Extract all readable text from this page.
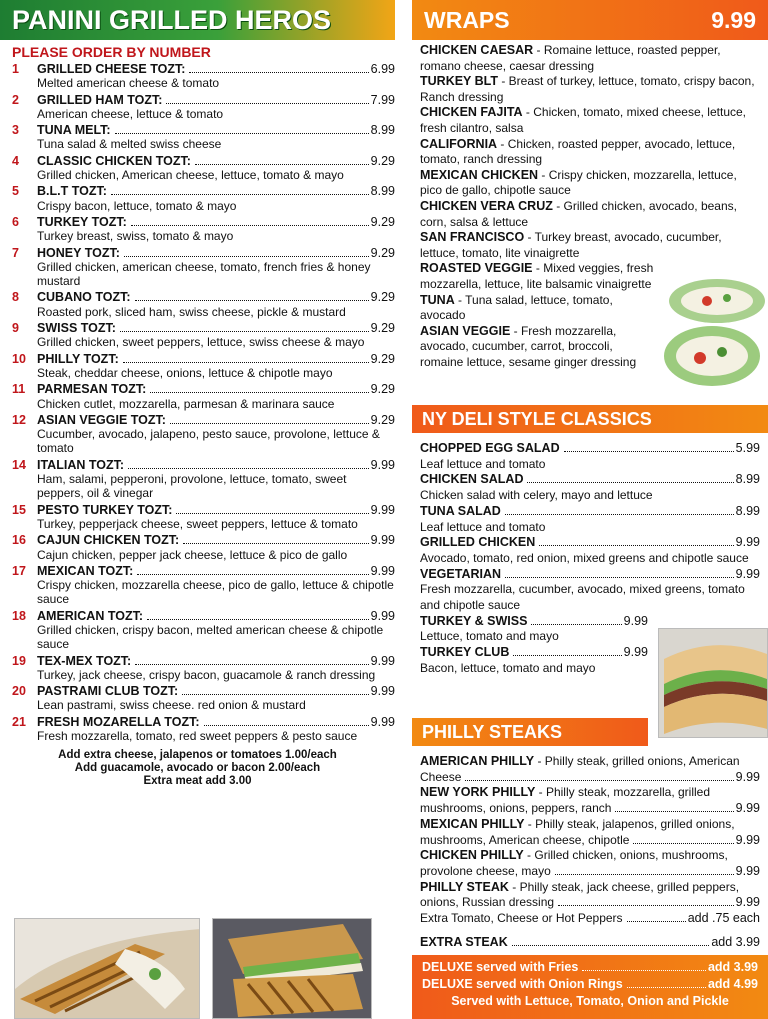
PANINI GRILLED HEROS
PLEASE ORDER BY NUMBER
1	GRILLED CHEESE TOZT:	6.99
Melted american cheese & tomato
2	GRILLED HAM TOZT:	7.99
American cheese, lettuce & tomato
3	TUNA MELT:	8.99
Tuna salad & melted swiss cheese
4	CLASSIC CHICKEN TOZT:	9.29
Grilled chicken, American cheese, lettuce, tomato & mayo
5	B.L.T TOZT:	8.99
Crispy bacon, lettuce, tomato & mayo
6	TURKEY TOZT:	9.29
Turkey breast, swiss, tomato & mayo
7	HONEY TOZT:	9.29
Grilled chicken, american cheese, tomato, french fries & honey mustard
8	CUBANO TOZT:	9.29
Roasted pork, sliced ham, swiss cheese, pickle & mustard
9	SWISS TOZT:	9.29
Grilled chicken, sweet peppers, lettuce, swiss cheese & mayo
10 PHILLY TOZT:	9.29
Steak, cheddar cheese, onions, lettuce & chipotle mayo
11 PARMESAN TOZT:	9.29
Chicken cutlet, mozzarella, parmesan & marinara sauce
12 ASIAN VEGGIE TOZT:	9.29
Cucumber, avocado, jalapeno, pesto sauce, provolone, lettuce & tomato
14 ITALIAN TOZT:	9.99
Ham, salami, pepperoni, provolone, lettuce, tomato, sweet peppers, oil & vinegar
15 PESTO TURKEY TOZT:	9.99
Turkey, pepperjack cheese, sweet peppers, lettuce & tomato
16 CAJUN CHICKEN TOZT:	9.99
Cajun chicken, pepper jack cheese, lettuce & pico de gallo
17 MEXICAN TOZT:	9.99
Crispy chicken, mozzarella cheese, pico de gallo, lettuce & chipotle sauce
18 AMERICAN TOZT:	9.99
Grilled chicken, crispy bacon, melted american cheese & chipotle sauce
19 TEX-MEX TOZT:	9.99
Turkey, jack cheese, crispy bacon, guacamole & ranch dressing
20 PASTRAMI CLUB TOZT:	9.99
Lean pastrami, swiss cheese. red onion & mustard
21 FRESH MOZARELLA TOZT:	9.99
Fresh mozzarella, tomato, red sweet peppers & pesto sauce
Add extra cheese, jalapenos or tomatoes 1.00/each
Add guacamole, avocado or bacon 2.00/each
Extra meat add 3.00
WRAPS	9.99
CHICKEN CAESAR - Romaine lettuce, roasted pepper, romano cheese, caesar dressing
TURKEY BLT - Breast of turkey, lettuce, tomato, crispy bacon, Ranch dressing
CHICKEN FAJITA - Chicken, tomato, mixed cheese, lettuce, fresh cilantro, salsa
CALIFORNIA - Chicken, roasted pepper, avocado, lettuce, tomato, ranch dressing
MEXICAN CHICKEN - Crispy chicken, mozzarella, lettuce, pico de gallo, chipotle sauce
CHICKEN VERA CRUZ - Grilled chicken, avocado, beans, corn, salsa & lettuce
SAN FRANCISCO - Turkey breast, avocado, cucumber, lettuce, tomato, lite vinaigrette
ROASTED VEGGIE - Mixed veggies, fresh mozzarella, lettuce, lite balsamic vinaigrette
TUNA - Tuna salad, lettuce, tomato, avocado
ASIAN VEGGIE - Fresh mozzarella, avocado, cucumber, carrot, broccoli, romaine lettuce, sesame ginger dressing
NY DELI STYLE CLASSICS
CHOPPED EGG SALAD	5.99
Leaf lettuce and tomato
CHICKEN SALAD	8.99
Chicken salad with celery, mayo and lettuce
TUNA SALAD	8.99
Leaf lettuce and tomato
GRILLED CHICKEN	9.99
Avocado, tomato, red onion, mixed greens and chipotle sauce
VEGETARIAN	9.99
Fresh mozzarella, cucumber, avocado, mixed greens, tomato and chipotle sauce
TURKEY & SWISS	9.99
Lettuce, tomato and mayo
TURKEY CLUB	9.99
Bacon, lettuce, tomato and mayo
PHILLY STEAKS
AMERICAN PHILLY - Philly steak, grilled onions, American
Cheese	9.99
NEW YORK PHILLY - Philly steak, mozzarella, grilled
mushrooms, onions, peppers, ranch	9.99
MEXICAN PHILLY - Philly steak, jalapenos, grilled onions,
mushrooms, American cheese, chipotle	9.99
CHICKEN PHILLY - Grilled chicken, onions, mushrooms,
provolone cheese, mayo	9.99
PHILLY STEAK - Philly steak, jack cheese, grilled peppers,
onions, Russian dressing	9.99
Extra Tomato, Cheese or Hot Peppers	add .75 each
EXTRA STEAK	add 3.99
DELUXE served with Fries	add 3.99
DELUXE served with Onion Rings	add 4.99
Served with Lettuce, Tomato, Onion and Pickle
